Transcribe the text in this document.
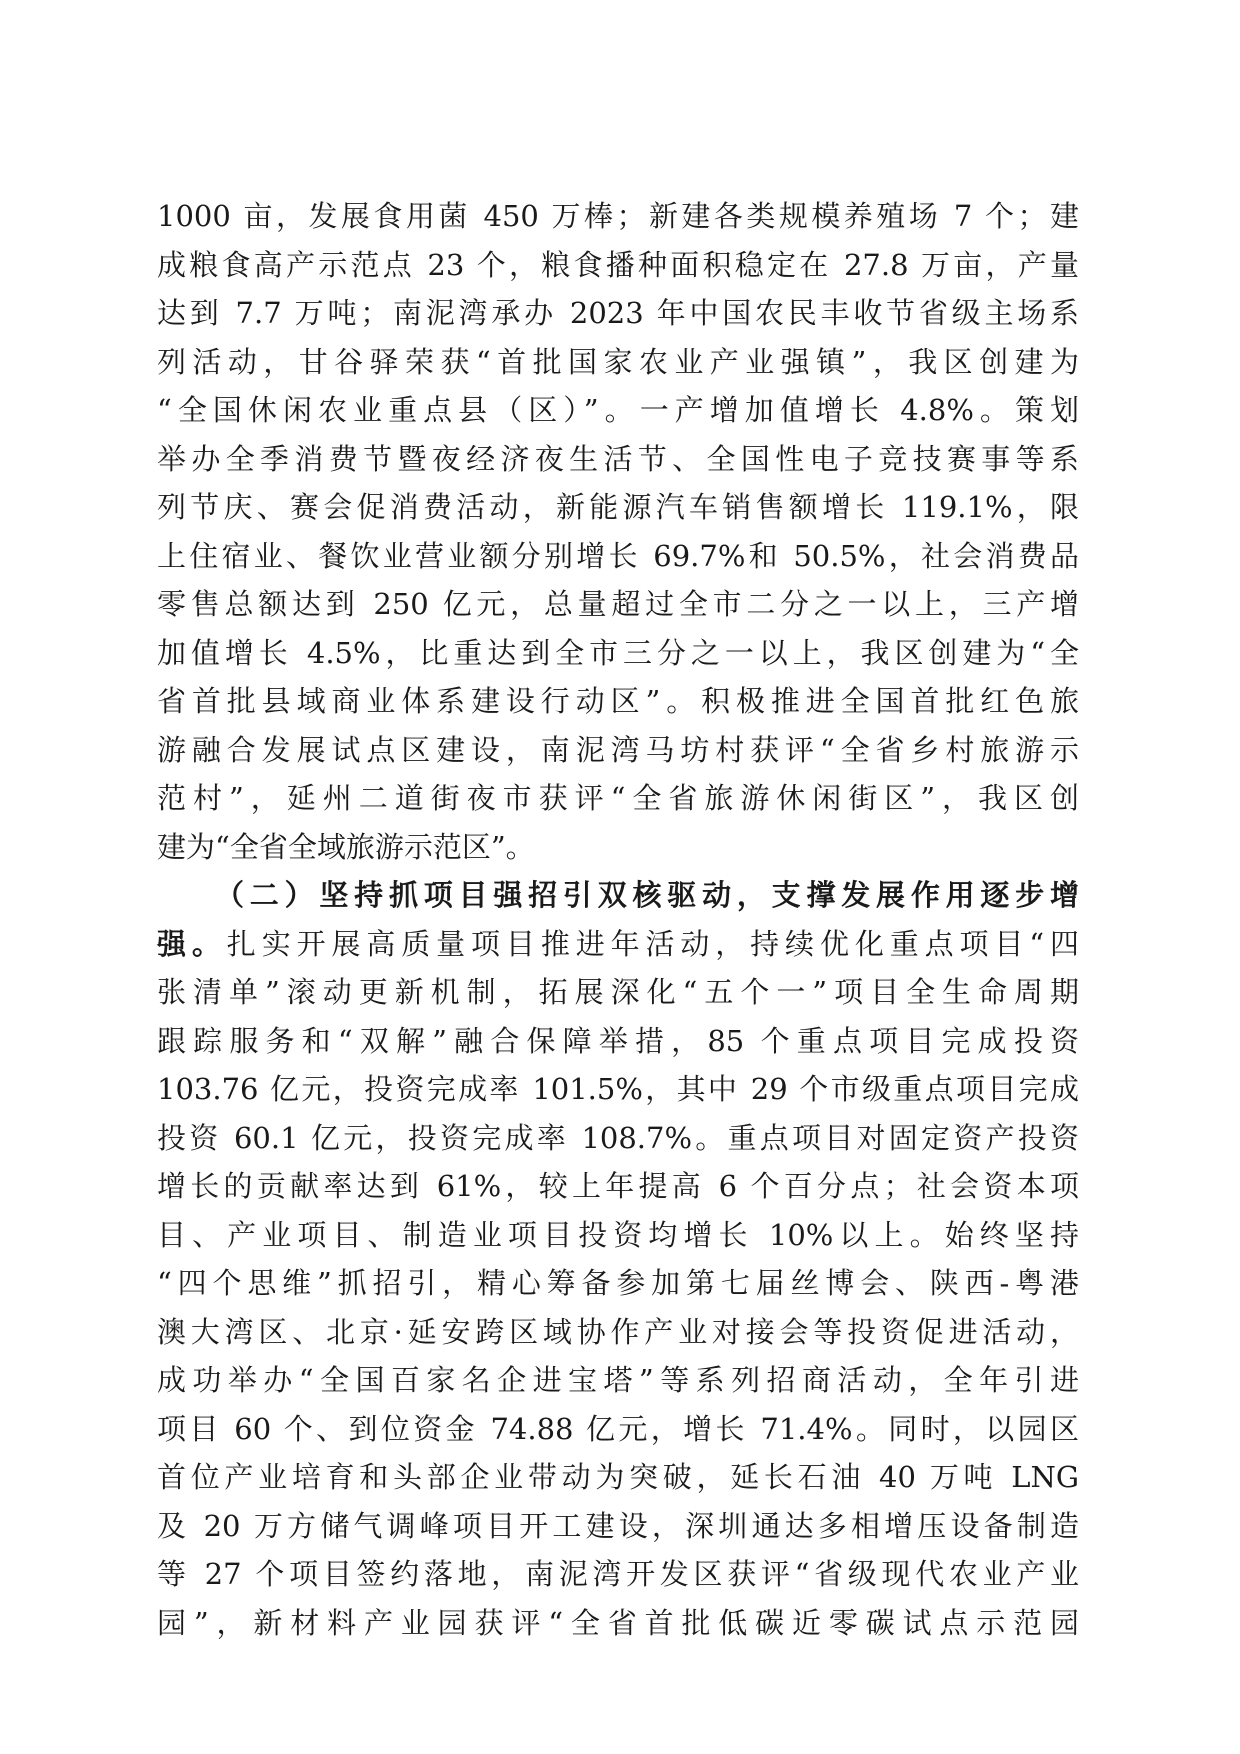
1000 亩，发展食用菌 450 万棒；新建各类规模养殖场 7 个；建
成粮食高产示范点 23 个，粮食播种面积稳定在 27.8 万亩，产量
达到 7.7 万吨；南泥湾承办 2023 年中国农民丰收节省级主场系
列活动，甘谷驿荣获“首批国家农业产业强镇”，我区创建为
“全国休闲农业重点县（区）”。一产增加值增长 4.8%。策划
举办全季消费节暨夜经济夜生活节、全国性电子竞技赛事等系
列节庆、赛会促消费活动，新能源汽车销售额增长 119.1%，限
上住宿业、餐饮业营业额分别增长 69.7%和 50.5%，社会消费品
零售总额达到 250 亿元，总量超过全市二分之一以上，三产增
加值增长 4.5%，比重达到全市三分之一以上，我区创建为“全
省首批县域商业体系建设行动区”。积极推进全国首批红色旅
游融合发展试点区建设，南泥湾马坊村获评“全省乡村旅游示
范村”，延州二道街夜市获评“全省旅游休闲街区”，我区创
建为“全省全域旅游示范区”。
（二）坚持抓项目强招引双核驱动，支撑发展作用逐步增
强。扎实开展高质量项目推进年活动，持续优化重点项目“四
张清单”滚动更新机制，拓展深化“五个一”项目全生命周期
跟踪服务和“双解”融合保障举措，85 个重点项目完成投资
103.76 亿元，投资完成率 101.5%，其中 29 个市级重点项目完成
投资 60.1 亿元，投资完成率 108.7%。重点项目对固定资产投资
增长的贡献率达到 61%，较上年提高 6 个百分点；社会资本项
目、产业项目、制造业项目投资均增长 10%以上。始终坚持
“四个思维”抓招引，精心筹备参加第七届丝博会、陕西-粤港
澳大湾区、北京·延安跨区域协作产业对接会等投资促进活动，
成功举办“全国百家名企进宝塔”等系列招商活动，全年引进
项目 60 个、到位资金 74.88 亿元，增长 71.4%。同时，以园区
首位产业培育和头部企业带动为突破，延长石油 40 万吨 LNG
及 20 万方储气调峰项目开工建设，深圳通达多相增压设备制造
等 27 个项目签约落地，南泥湾开发区获评“省级现代农业产业
园”，新材料产业园获评“全省首批低碳近零碳试点示范园
